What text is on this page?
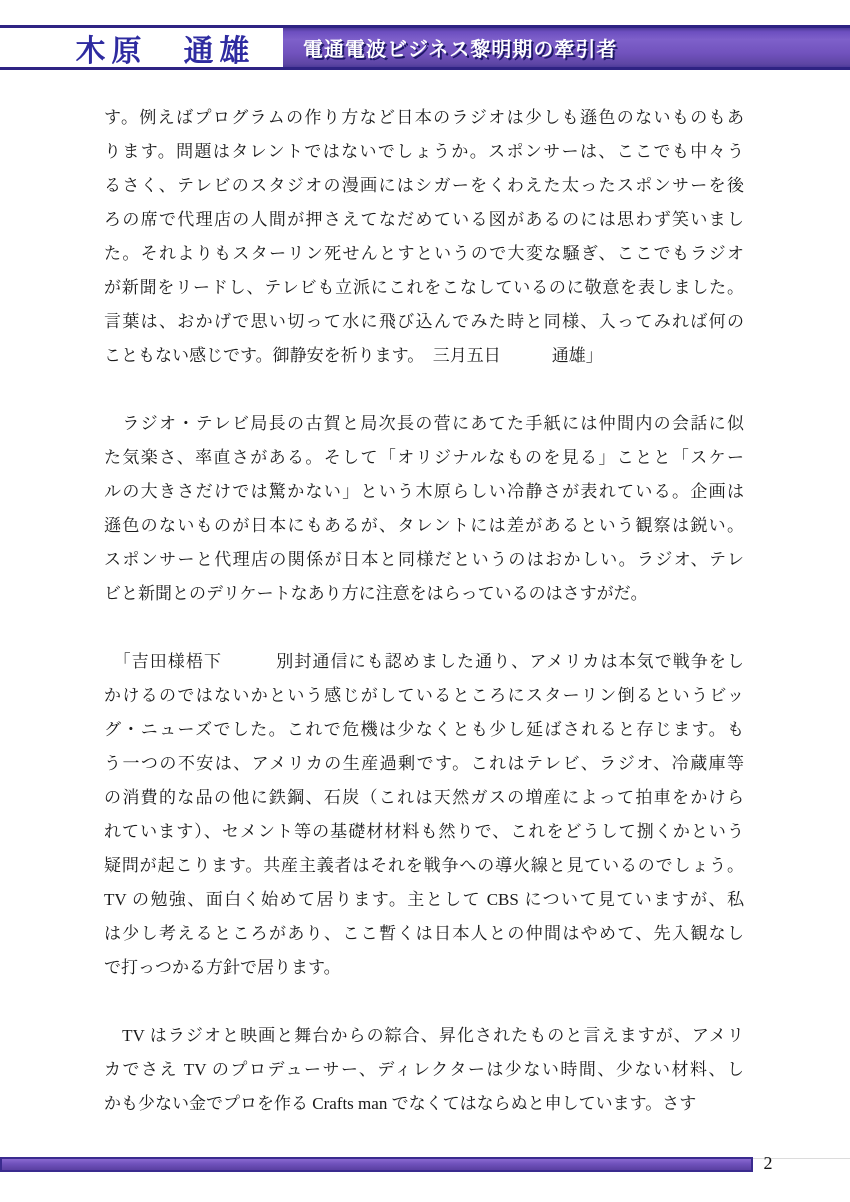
木原　通雄 電通電波ビジネス黎明期の牽引者
す。例えばプログラムの作り方など日本のラジオは少しも遜色のないものもあ
ります。問題はタレントではないでしょうか。スポンサーは、ここでも中々う
るさく、テレビのスタジオの漫画にはシガーをくわえた太ったスポンサーを後
ろの席で代理店の人間が押さえてなだめている図があるのには思わず笑いまし
た。それよりもスターリン死せんとすというので大変な騒ぎ、ここでもラジオ
が新聞をリードし、テレビも立派にこれをこなしているのに敬意を表しました。
言葉は、おかげで思い切って水に飛び込んでみた時と同様、入ってみれば何の
こともない感じです。御静安を祈ります。　三月五日　　　通雄」
　ラジオ・テレビ局長の古賀と局次長の菅にあてた手紙には仲間内の会話に似
た気楽さ、率直さがある。そして「オリジナルなものを見る」ことと「スケー
ルの大きさだけでは驚かない」という木原らしい冷静さが表れている。企画は
遜色のないものが日本にもあるが、タレントには差があるという観察は鋭い。
スポンサーと代理店の関係が日本と同様だというのはおかしい。ラジオ、テレ
ビと新聞とのデリケートなあり方に注意をはらっているのはさすがだ。
　「吉田様梧下　　　別封通信にも認めました通り、アメリカは本気で戦争をし
かけるのではないかという感じがしているところにスターリン倒るというビッ
グ・ニューズでした。これで危機は少なくとも少し延ばされると存じます。も
う一つの不安は、アメリカの生産過剰です。これはテレビ、ラジオ、冷蔵庫等
の消費的な品の他に鉄鋼、石炭（これは天然ガスの増産によって拍車をかけら
れています）、セメント等の基礎材材料も然りで、これをどうして捌くかという
疑問が起こります。共産主義者はそれを戦争への導火線と見ているのでしょう。
TV の勉強、面白く始めて居ります。主として CBS について見ていますが、私
は少し考えるところがあり、ここ暫くは日本人との仲間はやめて、先入観なし
で打っつかる方針で居ります。
　TV はラジオと映画と舞台からの綜合、昇化されたものと言えますが、アメリ
カでさえ TV のプロデューサー、ディレクターは少ない時間、少ない材料、し
かも少ない金でプロを作る Crafts man でなくてはならぬと申しています。さす
2
